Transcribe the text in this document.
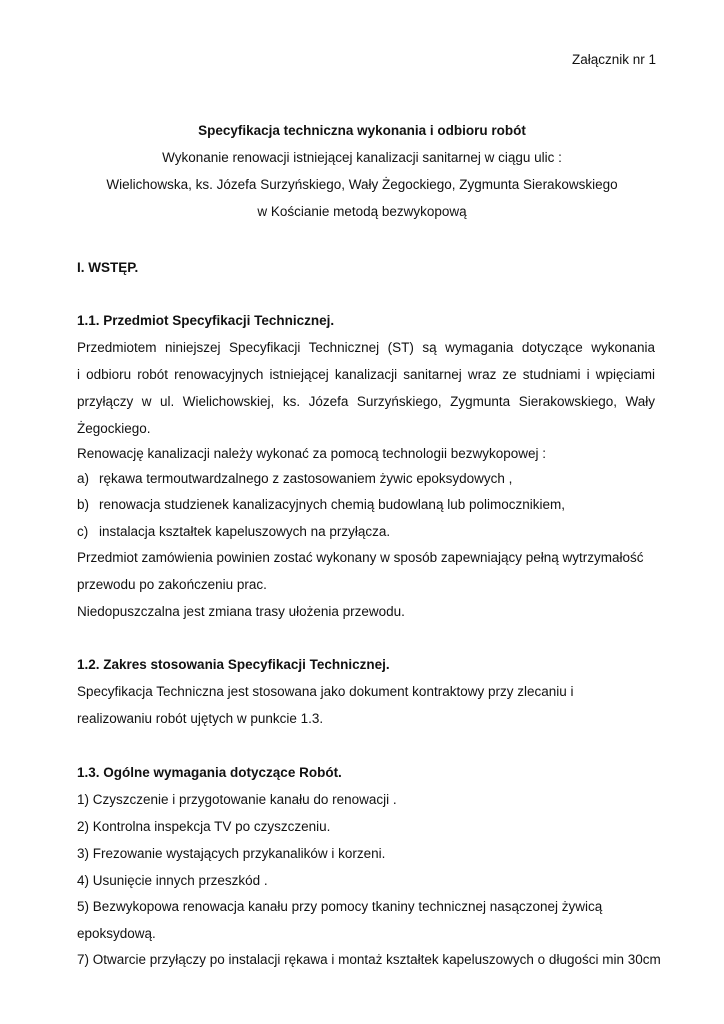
Załącznik nr 1
Specyfikacja techniczna wykonania i odbioru robót
Wykonanie renowacji istniejącej kanalizacji sanitarnej w ciągu ulic :
Wielichowska, ks. Józefa Surzyńskiego, Wały Żegockiego, Zygmunta Sierakowskiego
w Kościanie metodą bezwykopową
I. WSTĘP.
1.1. Przedmiot Specyfikacji Technicznej.
Przedmiotem niniejszej Specyfikacji Technicznej (ST) są wymagania dotyczące wykonania
i odbioru robót renowacyjnych istniejącej kanalizacji sanitarnej wraz ze studniami i wpięciami
przyłączy w ul. Wielichowskiej, ks. Józefa Surzyńskiego, Zygmunta Sierakowskiego, Wały
Żegockiego.
Renowację kanalizacji należy wykonać za pomocą technologii bezwykopowej :
a) rękawa termoutwardzalnego z zastosowaniem żywic epoksydowych ,
b) renowacja studzienek kanalizacyjnych chemią budowlaną lub polimocznikiem,
c) instalacja kształtek kapeluszowych na przyłącza.
Przedmiot zamówienia powinien zostać wykonany w sposób zapewniający pełną wytrzymałość
przewodu po zakończeniu prac.
Niedopuszczalna jest zmiana trasy ułożenia przewodu.
1.2. Zakres stosowania Specyfikacji Technicznej.
Specyfikacja Techniczna jest stosowana jako dokument kontraktowy przy zlecaniu i
realizowaniu robót ujętych w punkcie 1.3.
1.3. Ogólne wymagania dotyczące Robót.
1) Czyszczenie i przygotowanie kanału do renowacji .
2) Kontrolna inspekcja TV po czyszczeniu.
3) Frezowanie wystających przykanalików i korzeni.
4) Usunięcie innych przeszkód .
5) Bezwykopowa renowacja kanału przy pomocy tkaniny technicznej nasączonej żywicą
epoksydową.
7) Otwarcie przyłączy po instalacji rękawa i montaż kształtek kapeluszowych o długości min 30cm
